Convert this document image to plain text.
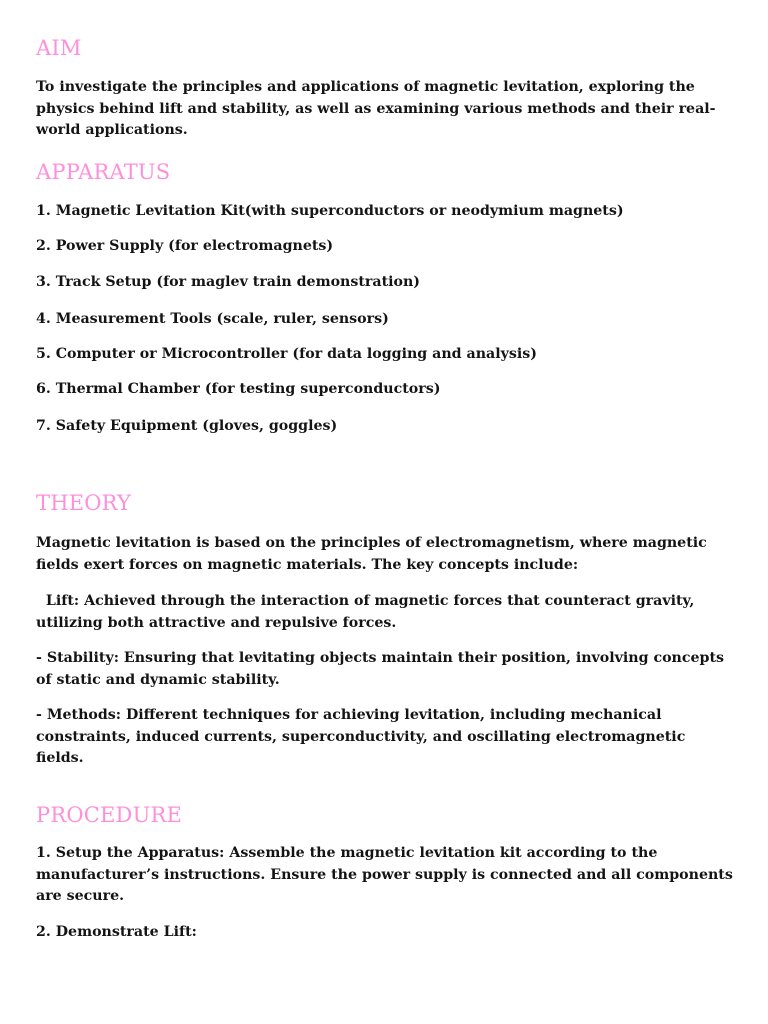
AIM

To investigate the principles and applications of magnetic levitation, exploring the physics behind lift and stability, as well as examining various methods and their real-world applications.

APPARATUS

1. Magnetic Levitation Kit(with superconductors or neodymium magnets)

2. Power Supply (for electromagnets)

3. Track Setup (for maglev train demonstration)

4. Measurement Tools (scale, ruler, sensors)

5. Computer or Microcontroller (for data logging and analysis)

6. Thermal Chamber (for testing superconductors)

7. Safety Equipment (gloves, goggles)

THEORY

Magnetic levitation is based on the principles of electromagnetism, where magnetic fields exert forces on magnetic materials. The key concepts include:

Lift: Achieved through the interaction of magnetic forces that counteract gravity, utilizing both attractive and repulsive forces.

- Stability: Ensuring that levitating objects maintain their position, involving concepts of static and dynamic stability.

- Methods: Different techniques for achieving levitation, including mechanical constraints, induced currents, superconductivity, and oscillating electromagnetic fields.

PROCEDURE

1. Setup the Apparatus: Assemble the magnetic levitation kit according to the manufacturer’s instructions. Ensure the power supply is connected and all components are secure.

2. Demonstrate Lift:
